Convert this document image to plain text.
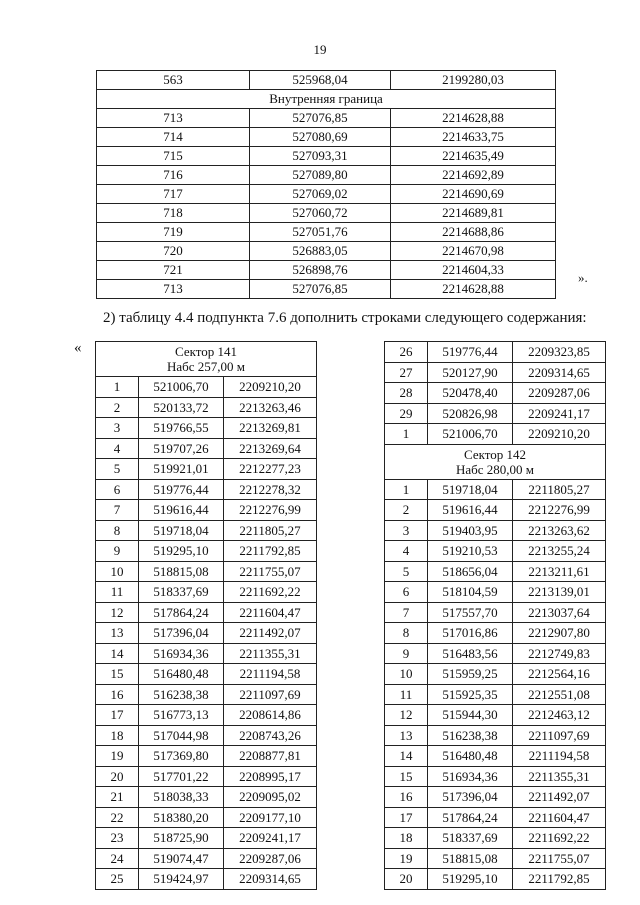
19
563	525968,04	2199280,03
Внутренняя граница		
713	527076,85	2214628,88
714	527080,69	2214633,75
715	527093,31	2214635,49
716	527089,80	2214692,89
717	527069,02	2214690,69
718	527060,72	2214689,81
719	527051,76	2214688,86
720	526883,05	2214670,98
721	526898,76	2214604,33
713	527076,85	2214628,88
».
2) таблицу 4.4 подпункта 7.6 дополнить строками следующего содержания:
«	Сектор 141
Набс 257,00 м		

1	521006,70	2209210,20
2	520133,72	2213263,46
3	519766,55	2213269,81
4	519707,26	2213269,64
5	519921,01	2212277,23
6	519776,44	2212278,32
7	519616,44	2212276,99
8	519718,04	2211805,27
9	519295,10	2211792,85
10	518815,08	2211755,07
11	518337,69	2211692,22
12	517864,24	2211604,47
13	517396,04	2211492,07
14	516934,36	2211355,31
15	516480,48	2211194,58
16	516238,38	2211097,69
17	516773,13	2208614,86
18	517044,98	2208743,26
19	517369,80	2208877,81
20	517701,22	2208995,17
21	518038,33	2209095,02
22	518380,20	2209177,10
23	518725,90	2209241,17
24	519074,47	2209287,06
25	519424,97	2209314,65
26	519776,44	2209323,85
27	520127,90	2209314,65
28	520478,40	2209287,06
29	520826,98	2209241,17
1	521006,70	2209210,20

Сектор 142
Набс 280,00 м		

1	519718,04	2211805,27
2	519616,44	2212276,99
3	519403,95	2213263,62
4	519210,53	2213255,24
5	518656,04	2213211,61
6	518104,59	2213139,01
7	517557,70	2213037,64
8	517016,86	2212907,80
9	516483,56	2212749,83
10	515959,25	2212564,16
11	515925,35	2212551,08
12	515944,30	2212463,12
13	516238,38	2211097,69
14	516480,48	2211194,58
15	516934,36	2211355,31
16	517396,04	2211492,07
17	517864,24	2211604,47
18	518337,69	2211692,22
19	518815,08	2211755,07
20	519295,10	2211792,85
